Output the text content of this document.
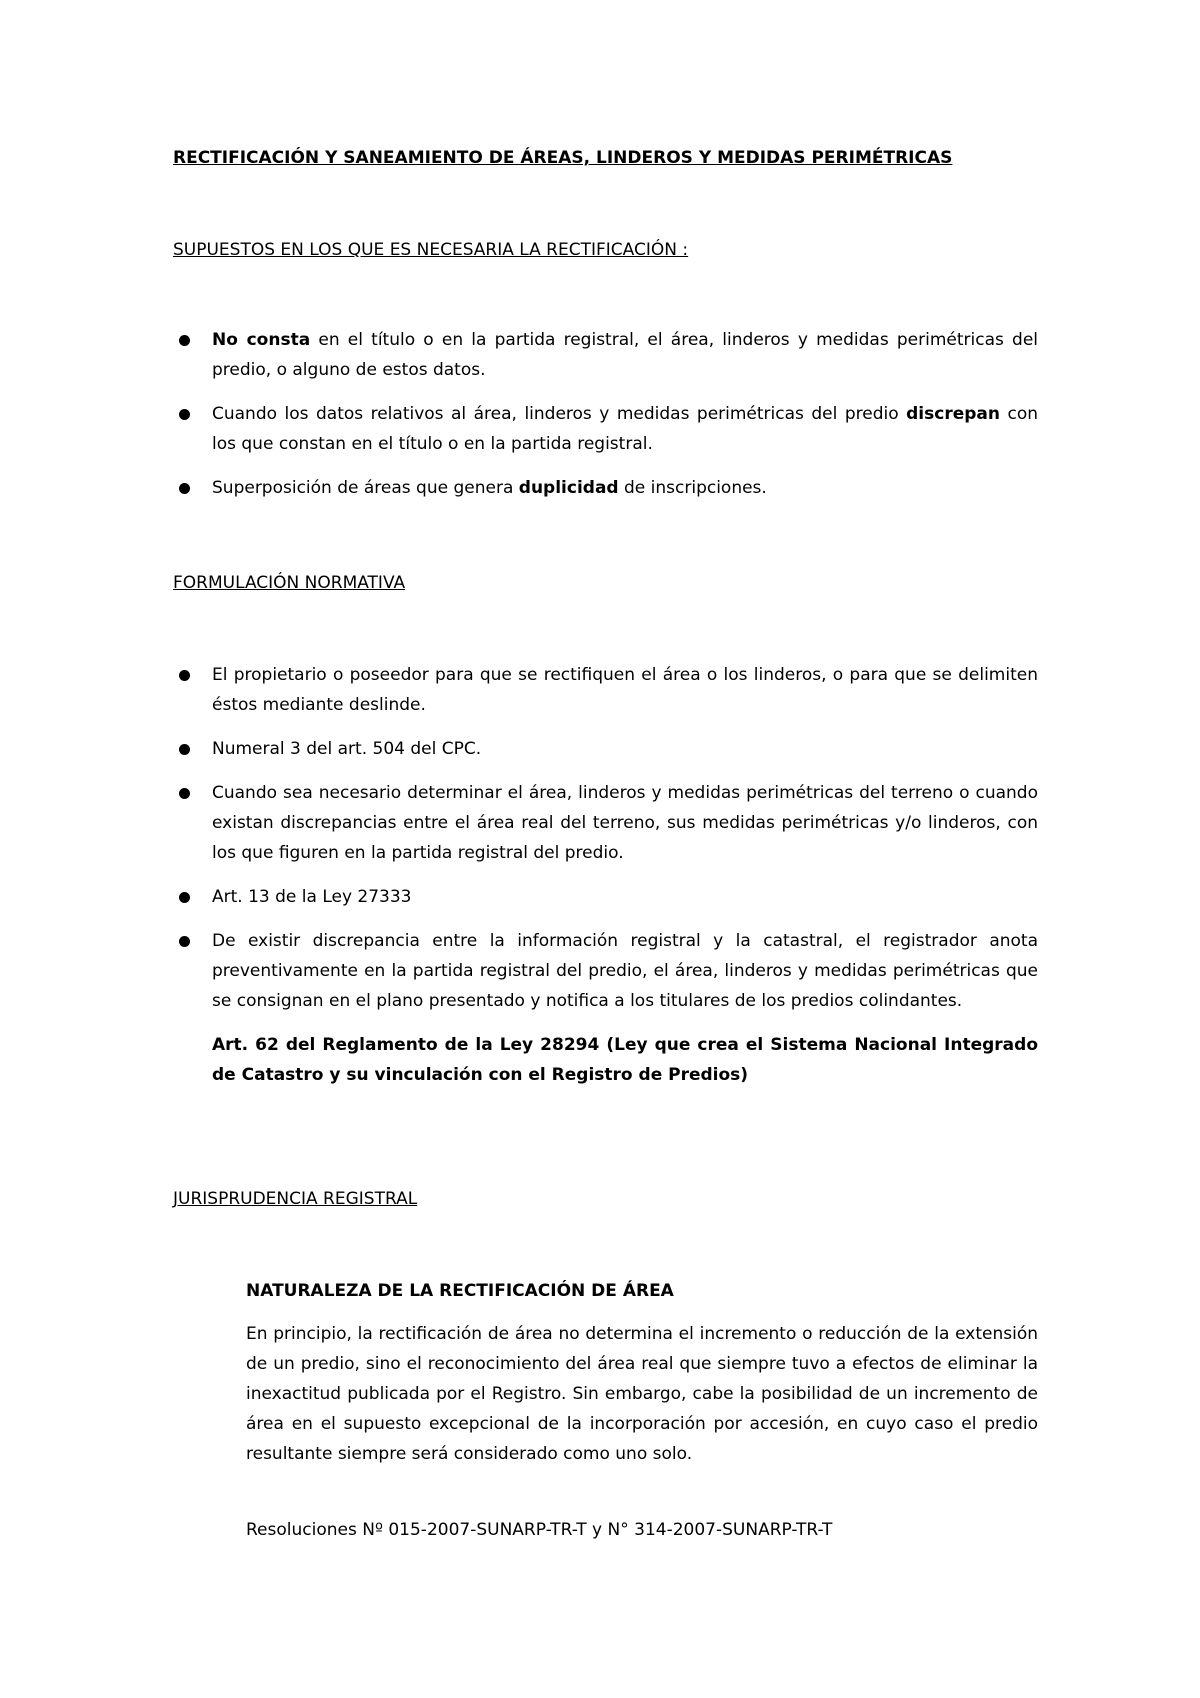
RECTIFICACIÓN Y SANEAMIENTO DE ÁREAS, LINDEROS Y MEDIDAS PERIMÉTRICAS
SUPUESTOS EN LOS QUE ES NECESARIA LA RECTIFICACIÓN :
No consta en el título o en la partida registral, el área, linderos y medidas perimétricas del predio, o alguno de estos datos.
Cuando los datos relativos al área, linderos y medidas perimétricas del predio discrepan con los que constan en el título o en la partida registral.
Superposición de áreas que genera duplicidad de inscripciones.
FORMULACIÓN NORMATIVA
El propietario o poseedor para que se rectifiquen el área o los linderos, o para que se delimiten éstos mediante deslinde.
Numeral 3 del art. 504 del CPC.
Cuando sea necesario determinar el área, linderos y medidas perimétricas del terreno o cuando existan discrepancias entre el área real del terreno, sus medidas perimétricas y/o linderos, con los que figuren en la partida registral del predio.
Art. 13 de la Ley 27333
De existir discrepancia entre la información registral y la catastral, el registrador anota preventivamente en la partida registral del predio, el área, linderos y medidas perimétricas que se consignan en el plano presentado y notifica a los titulares de los predios colindantes.
Art. 62 del Reglamento de la Ley 28294 (Ley que crea el Sistema Nacional Integrado de Catastro y su vinculación con el Registro de Predios)
JURISPRUDENCIA REGISTRAL

NATURALEZA DE LA RECTIFICACIÓN DE ÁREA

En principio, la rectificación de área no determina el incremento o reducción de la extensión de un predio, sino el reconocimiento del área real que siempre tuvo a efectos de eliminar la inexactitud publicada por el Registro. Sin embargo, cabe la posibilidad de un incremento de área en el supuesto excepcional de la incorporación por accesión, en cuyo caso el predio resultante siempre será considerado como uno solo.

Resoluciones Nº 015-2007-SUNARP-TR-T y N° 314-2007-SUNARP-TR-T
